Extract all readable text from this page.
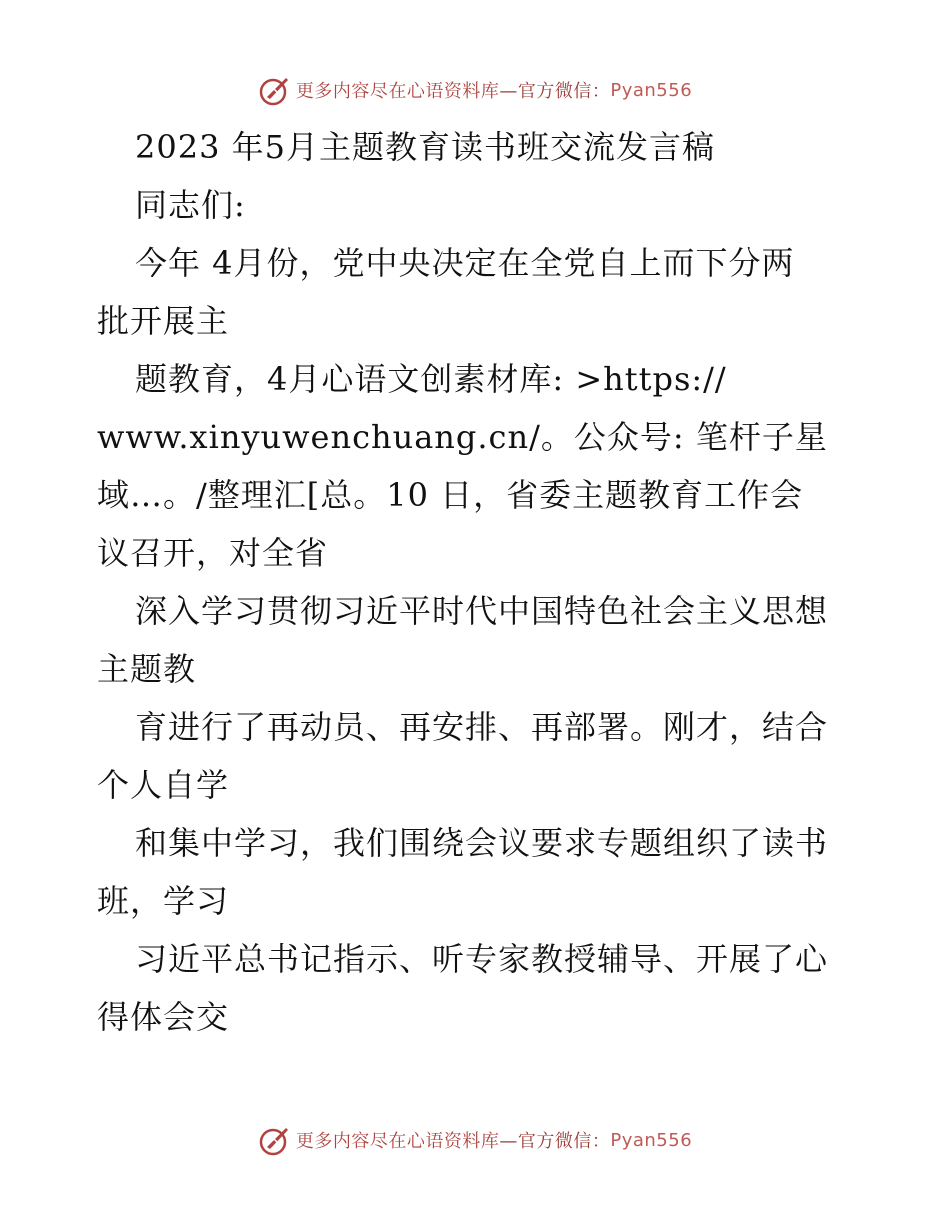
更多内容尽在心语资料库 —官方微信： Pyan556
2023 年5月主题教育读书班交流发言稿
同志们:
今年 4月份，党中央决定在全党自上而下分两
批开展主
题教育，4月心语文创素材库: >https://
www.xinyuwenchuang.cn/。公众号: 笔杆子星
域…。/整理汇[总。10 日，省委主题教育工作会
议召开，对全省
深入学习贯彻习近平时代中国特色社会主义思想
主题教
育进行了再动员、再安排、再部署。刚才，结合
个人自学
和集中学习，我们围绕会议要求专题组织了读书
班，学习
习近平总书记指示、听专家教授辅导、开展了心
得体会交
更多内容尽在心语资料库 —官方微信： Pyan556
